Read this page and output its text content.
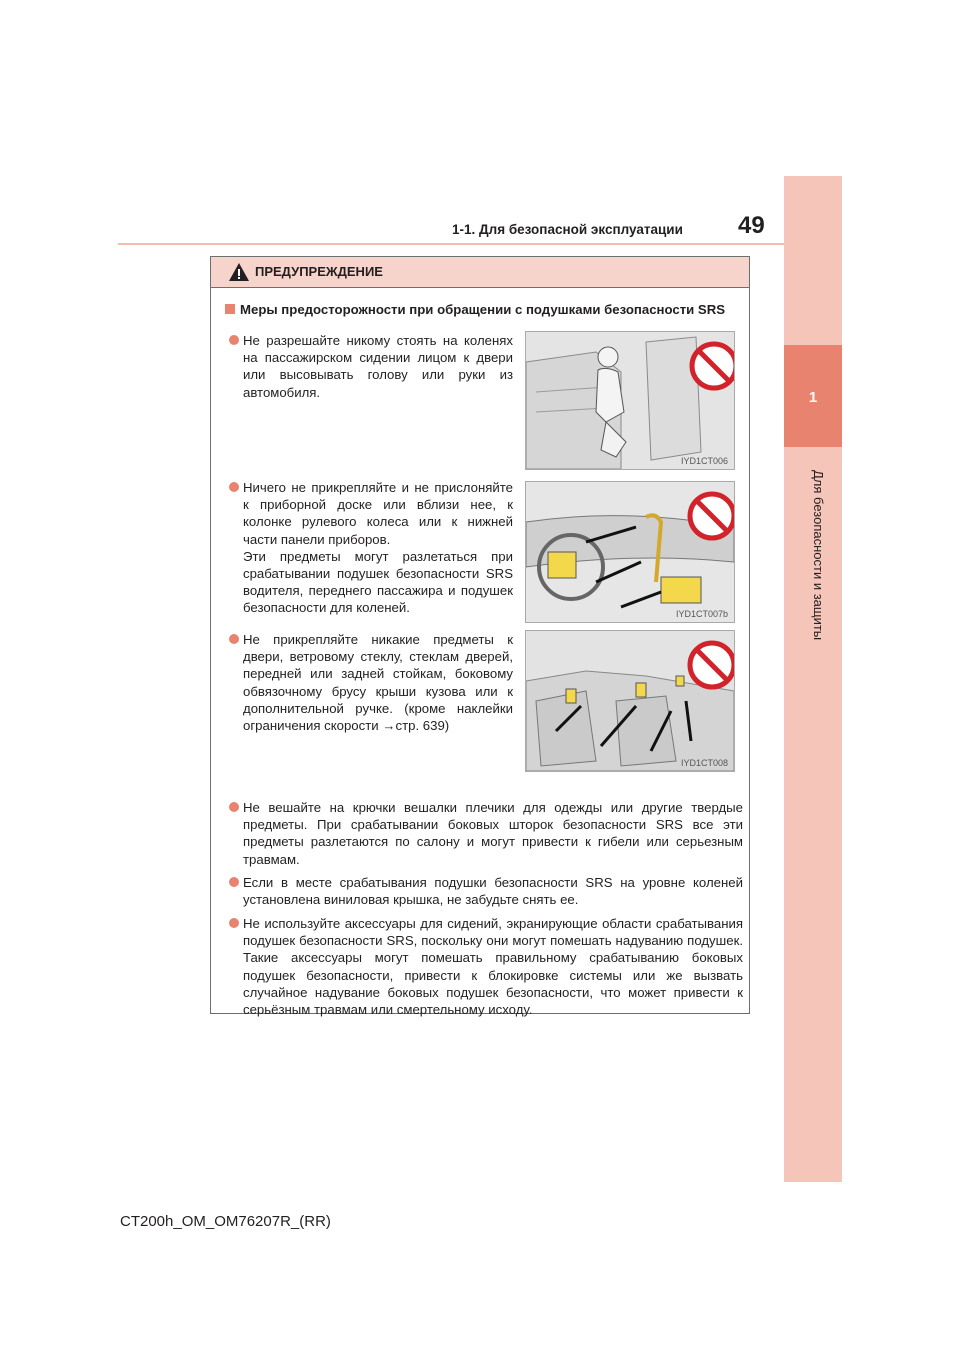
1
Для безопасности и защиты
1-1. Для безопасной эксплуатации 49
ПРЕДУПРЕЖДЕНИЕ
Меры предосторожности при обращении с подушками безопасности SRS

Не разрешайте никому стоять на коленях на пассажирском сидении лицом к двери или высовывать голову или руки из автомобиля.

IYD1CT006

Ничего не прикрепляйте и не прислоняйте к приборной доске или вблизи нее, к колонке рулевого колеса или к нижней части панели приборов.

Эти предметы могут разлетаться при срабатывании подушек безопасности SRS водителя, переднего пассажира и подушек безопасности для коленей.	IYD1CT007b

Не прикрепляйте никакие предметы к двери, ветровому стеклу, стеклам дверей, передней или задней стойкам, боковому обвязочному брусу крыши кузова или к дополнительной ручке. (кроме наклейки ограничения скорости →стр. 639)

IYD1CT008

Не вешайте на крючки вешалки плечики для одежды или другие твердые предметы. При срабатывании боковых шторок безопасности SRS все эти предметы разлетаются по салону и могут привести к гибели или серьезным травмам.

Если в месте срабатывания подушки безопасности SRS на уровне коленей установлена виниловая крышка, не забудьте снять ее.

Не используйте аксессуары для сидений, экранирующие области срабатывания подушек безопасности SRS, поскольку они могут помешать надуванию подушек. Такие аксессуары могут помешать правильному срабатыванию боковых подушек безопасности, привести к блокировке системы или же вызвать случайное надувание боковых подушек безопасности, что может привести к серьёзным травмам или смертельному исходу.

CT200h_OM_OM76207R_(RR)
